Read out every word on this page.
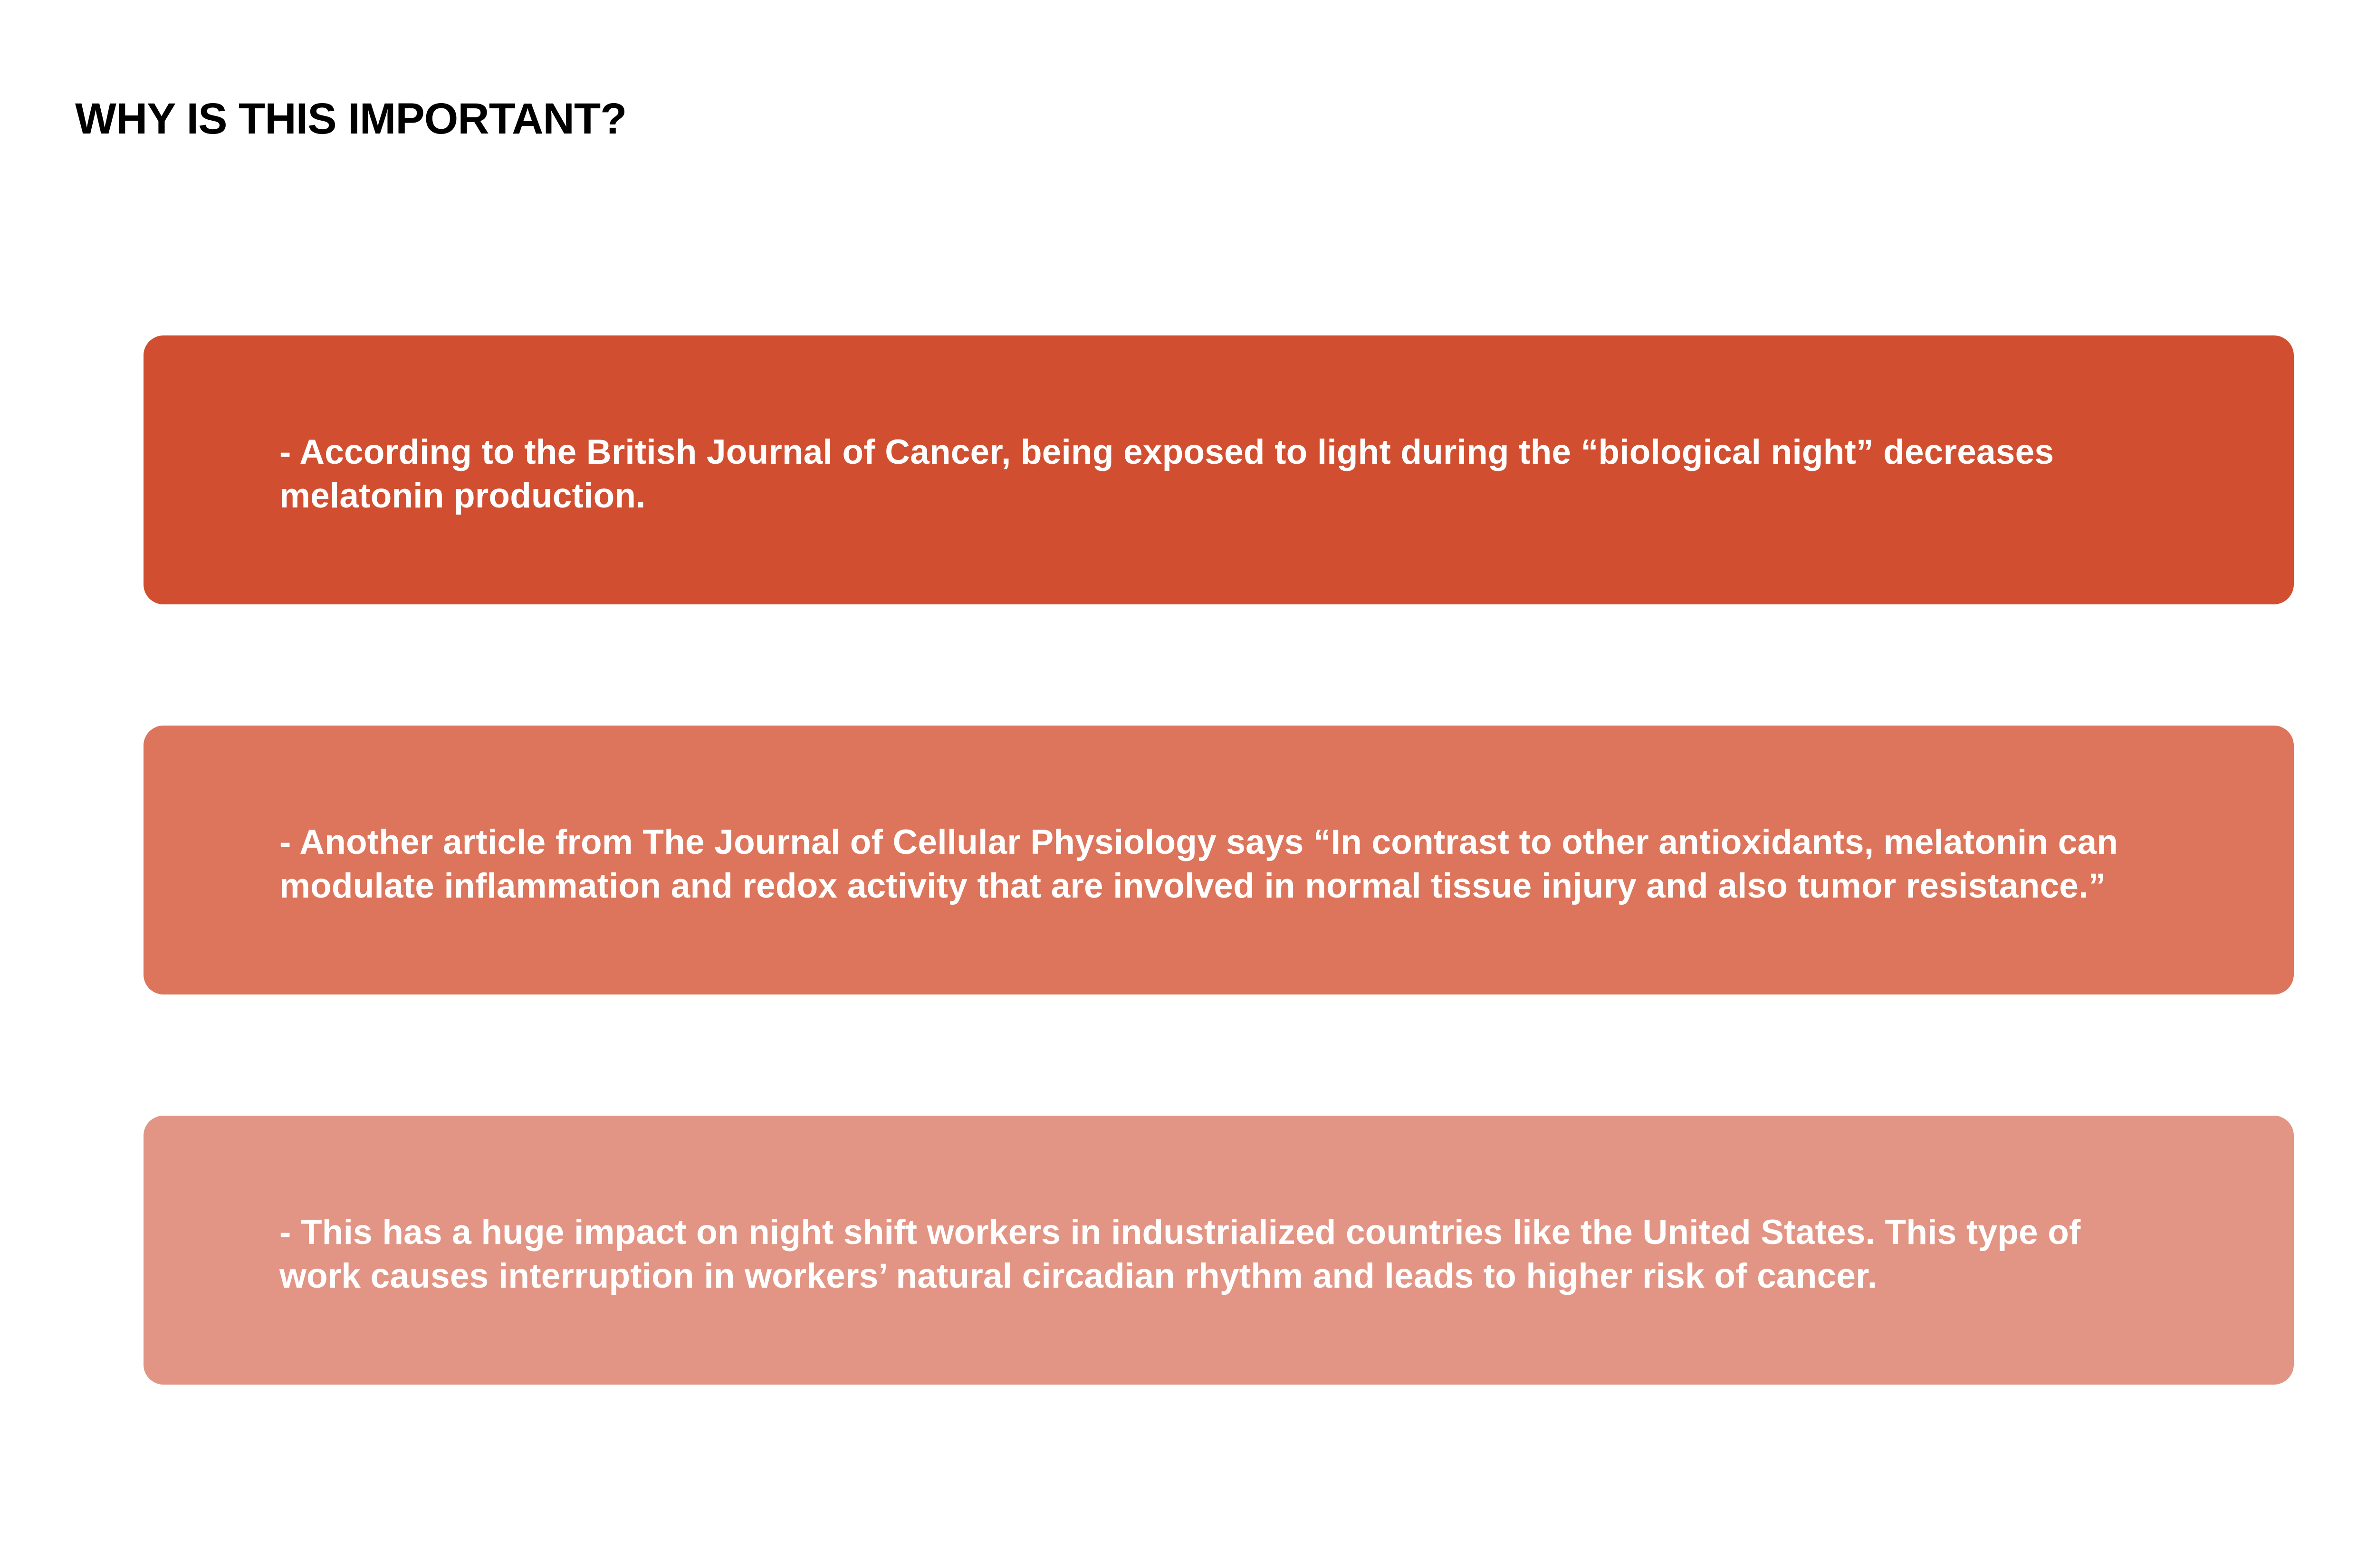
WHY IS THIS IMPORTANT?

- According to the British Journal of Cancer, being exposed to light during the “biological night” decreases melatonin production.

- Another article from The Journal of Cellular Physiology says “In contrast to other antioxidants, melatonin can modulate inflammation and redox activity that are involved in normal tissue injury and also tumor resistance.”

- This has a huge impact on night shift workers in industrialized countries like the United States. This type of work causes interruption in workers’ natural circadian rhythm and leads to higher risk of cancer.
